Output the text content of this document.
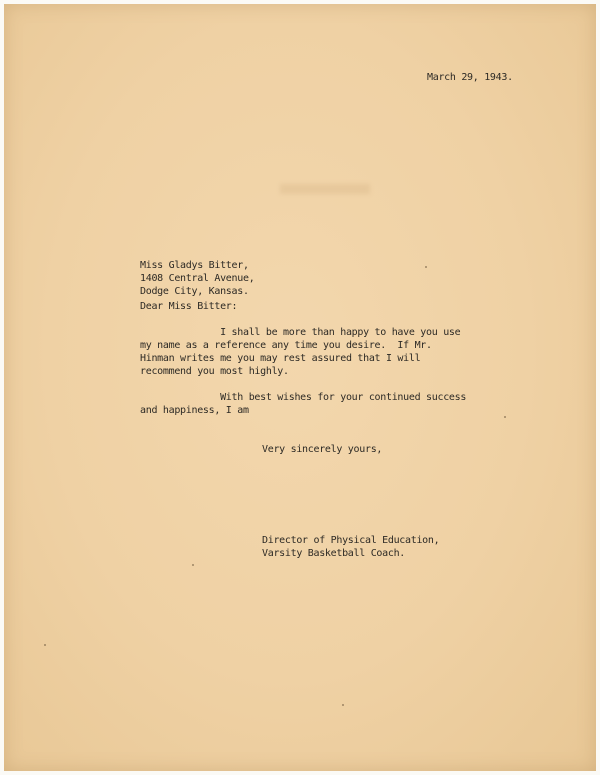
March 29, 1943.
Miss Gladys Bitter,
1408 Central Avenue,
Dodge City, Kansas.
Dear Miss Bitter:

I shall be more than happy to have you use
my name as a reference any time you desire.  If Mr.
Hinman writes me you may rest assured that I will
recommend you most highly.

With best wishes for your continued success
and happiness, I am

Very sincerely yours,
Director of Physical Education,
Varsity Basketball Coach.
